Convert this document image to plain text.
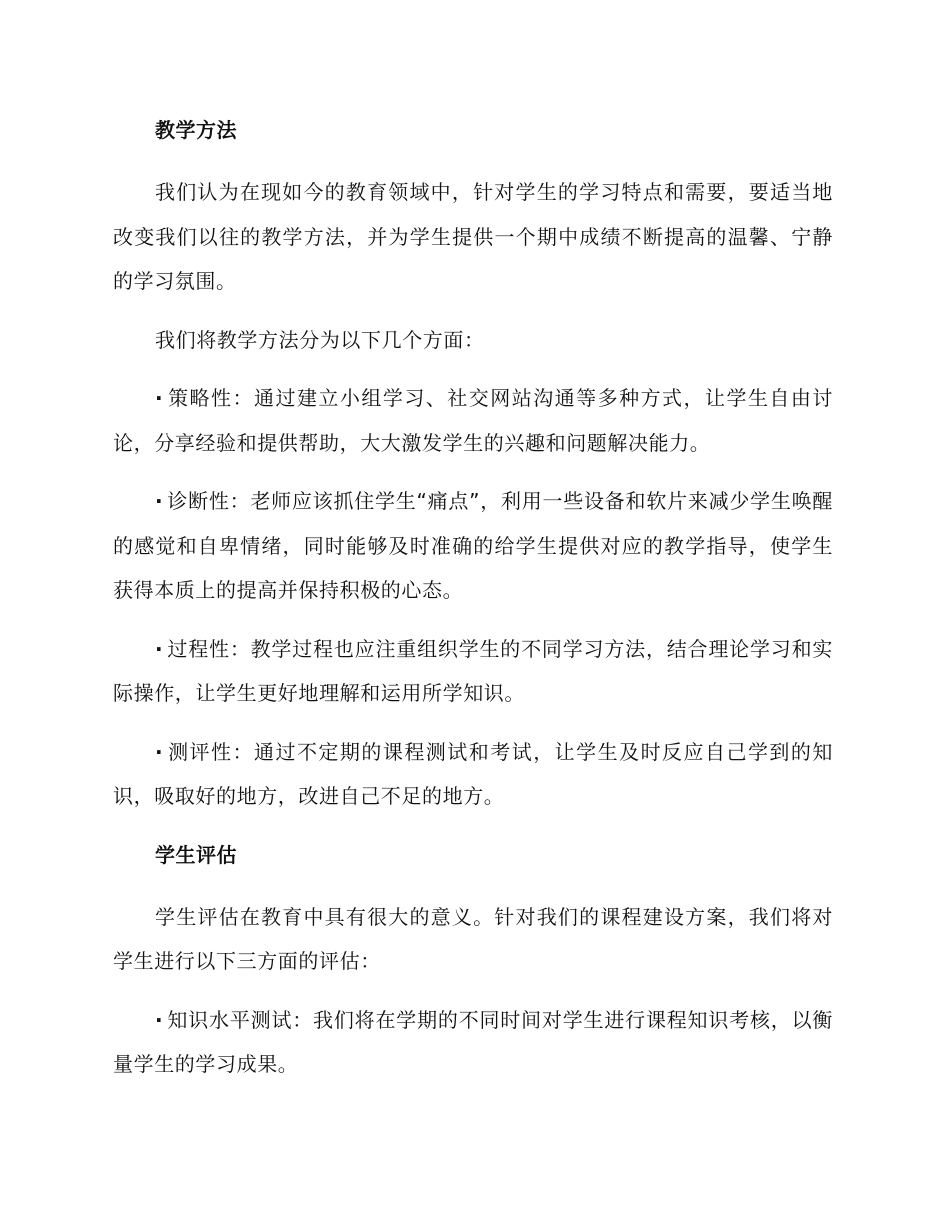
教学方法

我们认为在现如今的教育领域中，针对学生的学习特点和需要，要适当地改变我们以往的教学方法，并为学生提供一个期中成绩不断提高的温馨、宁静的学习氛围。

我们将教学方法分为以下几个方面：

· 策略性：通过建立小组学习、社交网站沟通等多种方式，让学生自由讨论，分享经验和提供帮助，大大激发学生的兴趣和问题解决能力。

· 诊断性：老师应该抓住学生“痛点”，利用一些设备和软片来减少学生唤醒的感觉和自卑情绪，同时能够及时准确的给学生提供对应的教学指导，使学生获得本质上的提高并保持积极的心态。

· 过程性：教学过程也应注重组织学生的不同学习方法，结合理论学习和实际操作，让学生更好地理解和运用所学知识。

· 测评性：通过不定期的课程测试和考试，让学生及时反应自己学到的知识，吸取好的地方，改进自己不足的地方。

学生评估

学生评估在教育中具有很大的意义。针对我们的课程建设方案，我们将对学生进行以下三方面的评估：

· 知识水平测试：我们将在学期的不同时间对学生进行课程知识考核，以衡量学生的学习成果。
